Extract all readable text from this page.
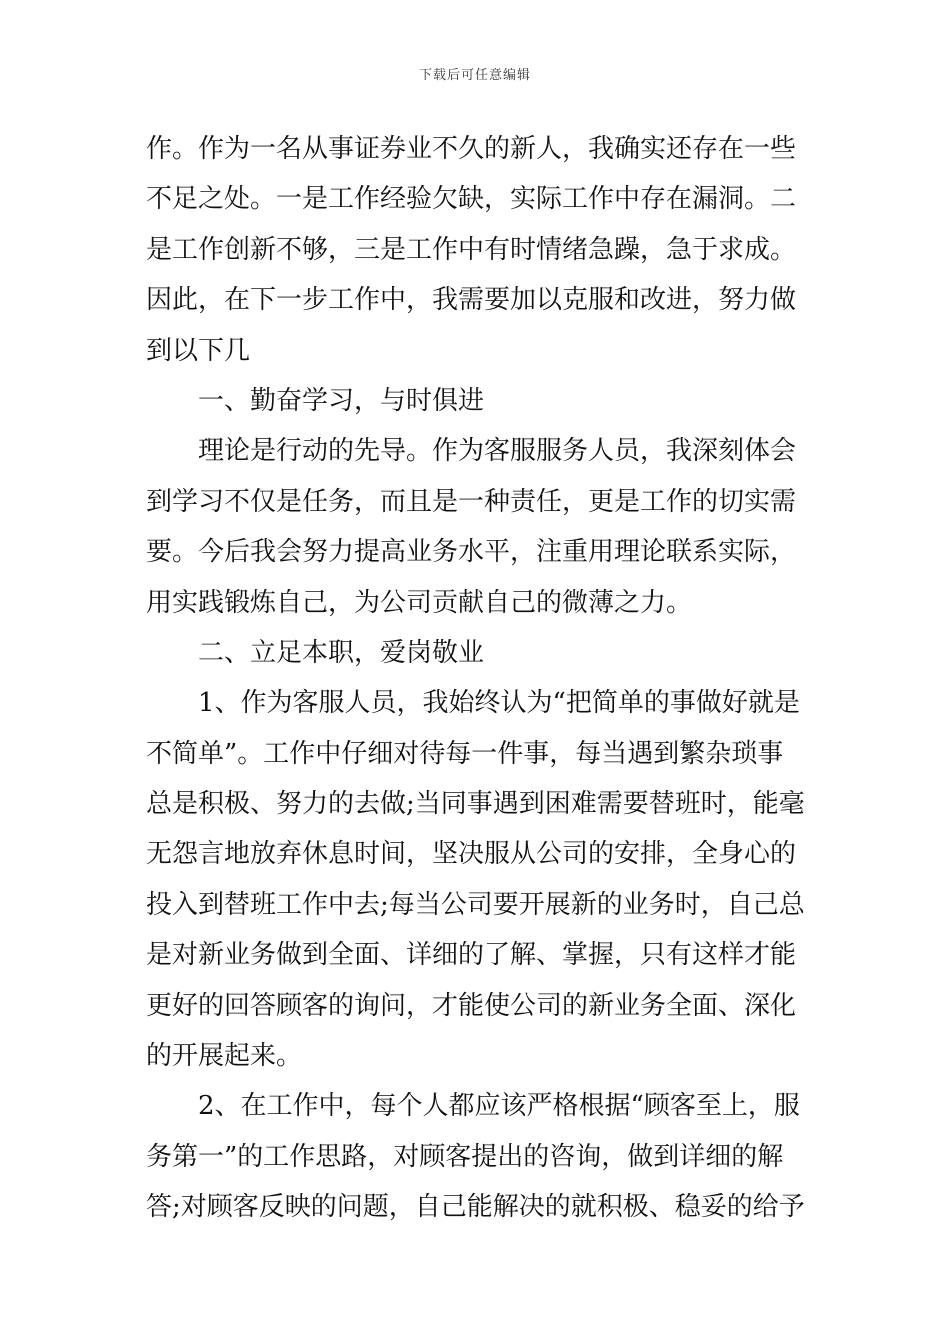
下载后可任意编辑
作。作为一名从事证券业不久的新人，我确实还存在一些
不足之处。一是工作经验欠缺，实际工作中存在漏洞。二
是工作创新不够，三是工作中有时情绪急躁，急于求成。
因此，在下一步工作中，我需要加以克服和改进，努力做
到以下几
一、勤奋学习，与时俱进
理论是行动的先导。作为客服服务人员，我深刻体会
到学习不仅是任务，而且是一种责任，更是工作的切实需
要。今后我会努力提高业务水平，注重用理论联系实际，
用实践锻炼自己，为公司贡献自己的微薄之力。
二、立足本职，爱岗敬业
1、作为客服人员，我始终认为“把简单的事做好就是
不简单”。工作中仔细对待每一件事，每当遇到繁杂琐事
总是积极、努力的去做;当同事遇到困难需要替班时，能毫
无怨言地放弃休息时间，坚决服从公司的安排，全身心的
投入到替班工作中去;每当公司要开展新的业务时，自己总
是对新业务做到全面、详细的了解、掌握，只有这样才能
更好的回答顾客的询问，才能使公司的新业务全面、深化
的开展起来。
2、在工作中，每个人都应该严格根据“顾客至上，服
务第一”的工作思路，对顾客提出的咨询，做到详细的解
答;对顾客反映的问题，自己能解决的就积极、稳妥的给予
